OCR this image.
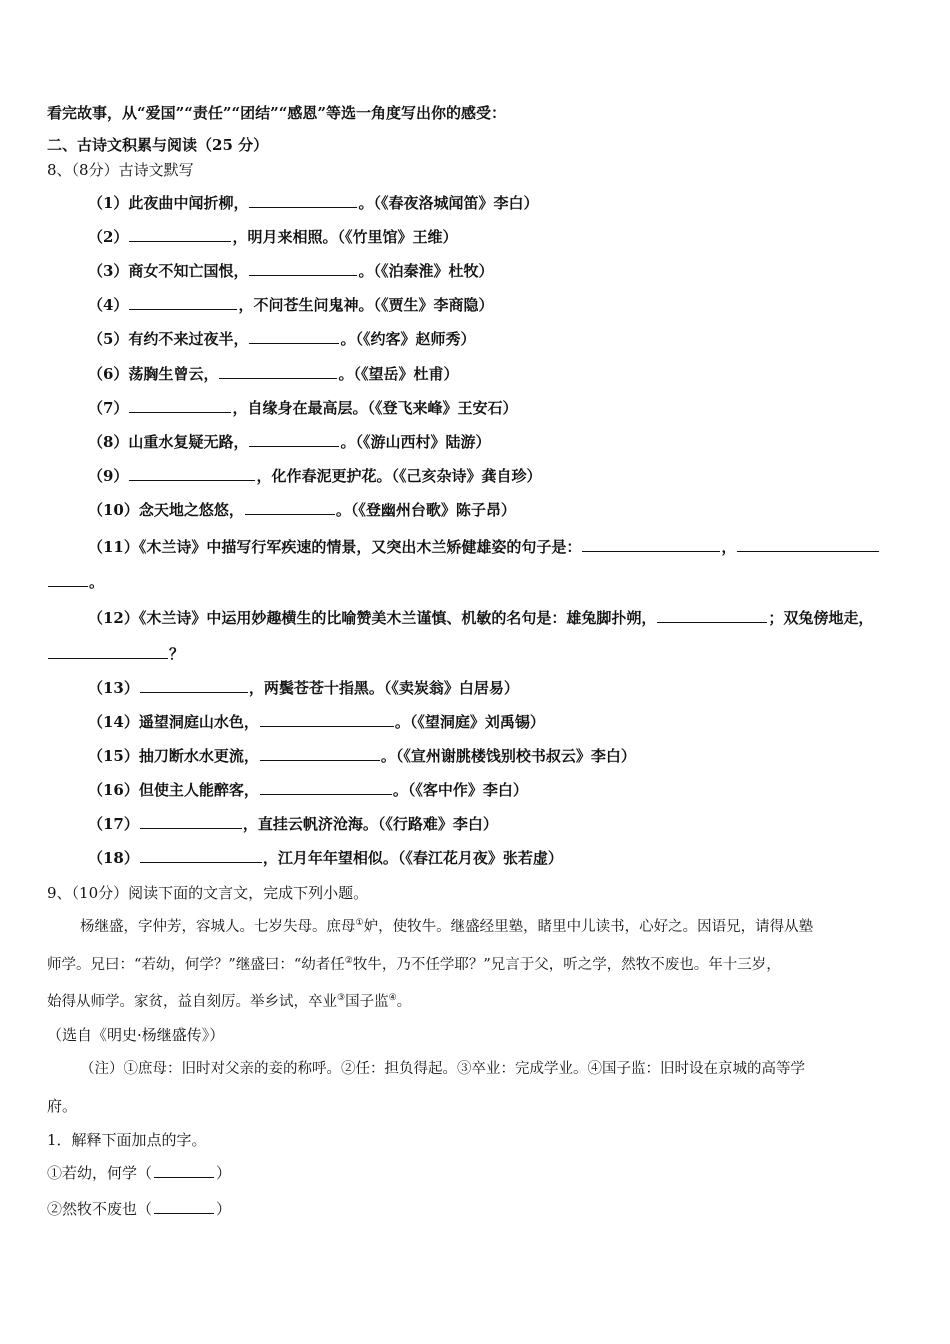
看完故事，从“爱国”“责任”“团结”“感恩”等选一角度写出你的感受：
二、古诗文积累与阅读（25 分）
8、（8分）古诗文默写
（1）此夜曲中闻折柳，	。（《春夜洛城闻笛》李白）
（2）	，明月来相照。（《竹里馆》王维）
（3）商女不知亡国恨，	。（《泊秦淮》杜牧）
（4）	，不问苍生问鬼神。（《贾生》李商隐）
（5）有约不来过夜半，	。（《约客》赵师秀）
（6）荡胸生曾云，	。（《望岳》杜甫）
（7）	，自缘身在最高层。（《登飞来峰》王安石）
（8）山重水复疑无路，	。（《游山西村》陆游）
（9）	，化作春泥更护花。（《己亥杂诗》龚自珍）
（10）念天地之悠悠，	。（《登幽州台歌》陈子昂）
（11）《木兰诗》中描写行军疾速的情景，又突出木兰矫健雄姿的句子是：	，
。
（12）《木兰诗》中运用妙趣横生的比喻赞美木兰谨慎、机敏的名句是：雄兔脚扑朔，	；双兔傍地走，
？
（13）	，两鬓苍苍十指黑。（《卖炭翁》白居易）
（14）遥望洞庭山水色，	。（《望洞庭》刘禹锡）
（15）抽刀断水水更流，	。（《宣州谢朓楼饯别校书叔云》李白）
（16）但使主人能醉客，	。（《客中作》李白）
（17）	，直挂云帆济沧海。（《行路难》李白）
（18）	，江月年年望相似。（《春江花月夜》张若虚）
9、（10分）阅读下面的文言文，完成下列小题。
杨继盛，字仲芳，容城人。七岁失母。庶母①妒，使牧牛。继盛经里塾，睹里中儿读书，心好之。因语兄，请得从塾
师学。兄曰：“若幼，何学？”继盛曰：“幼者任②牧牛，乃不任学耶？”兄言于父，听之学，然牧不废也。年十三岁，
始得从师学。家贫，益自刻厉。举乡试，卒业③国子监④。
（选自《明史·杨继盛传》）
（注）①庶母：旧时对父亲的妾的称呼。②任：担负得起。③卒业：完成学业。④国子监：旧时设在京城的高等学
府。
1．解释下面加点的字。
①若幼，何学（	）
②然牧不废也（	）
